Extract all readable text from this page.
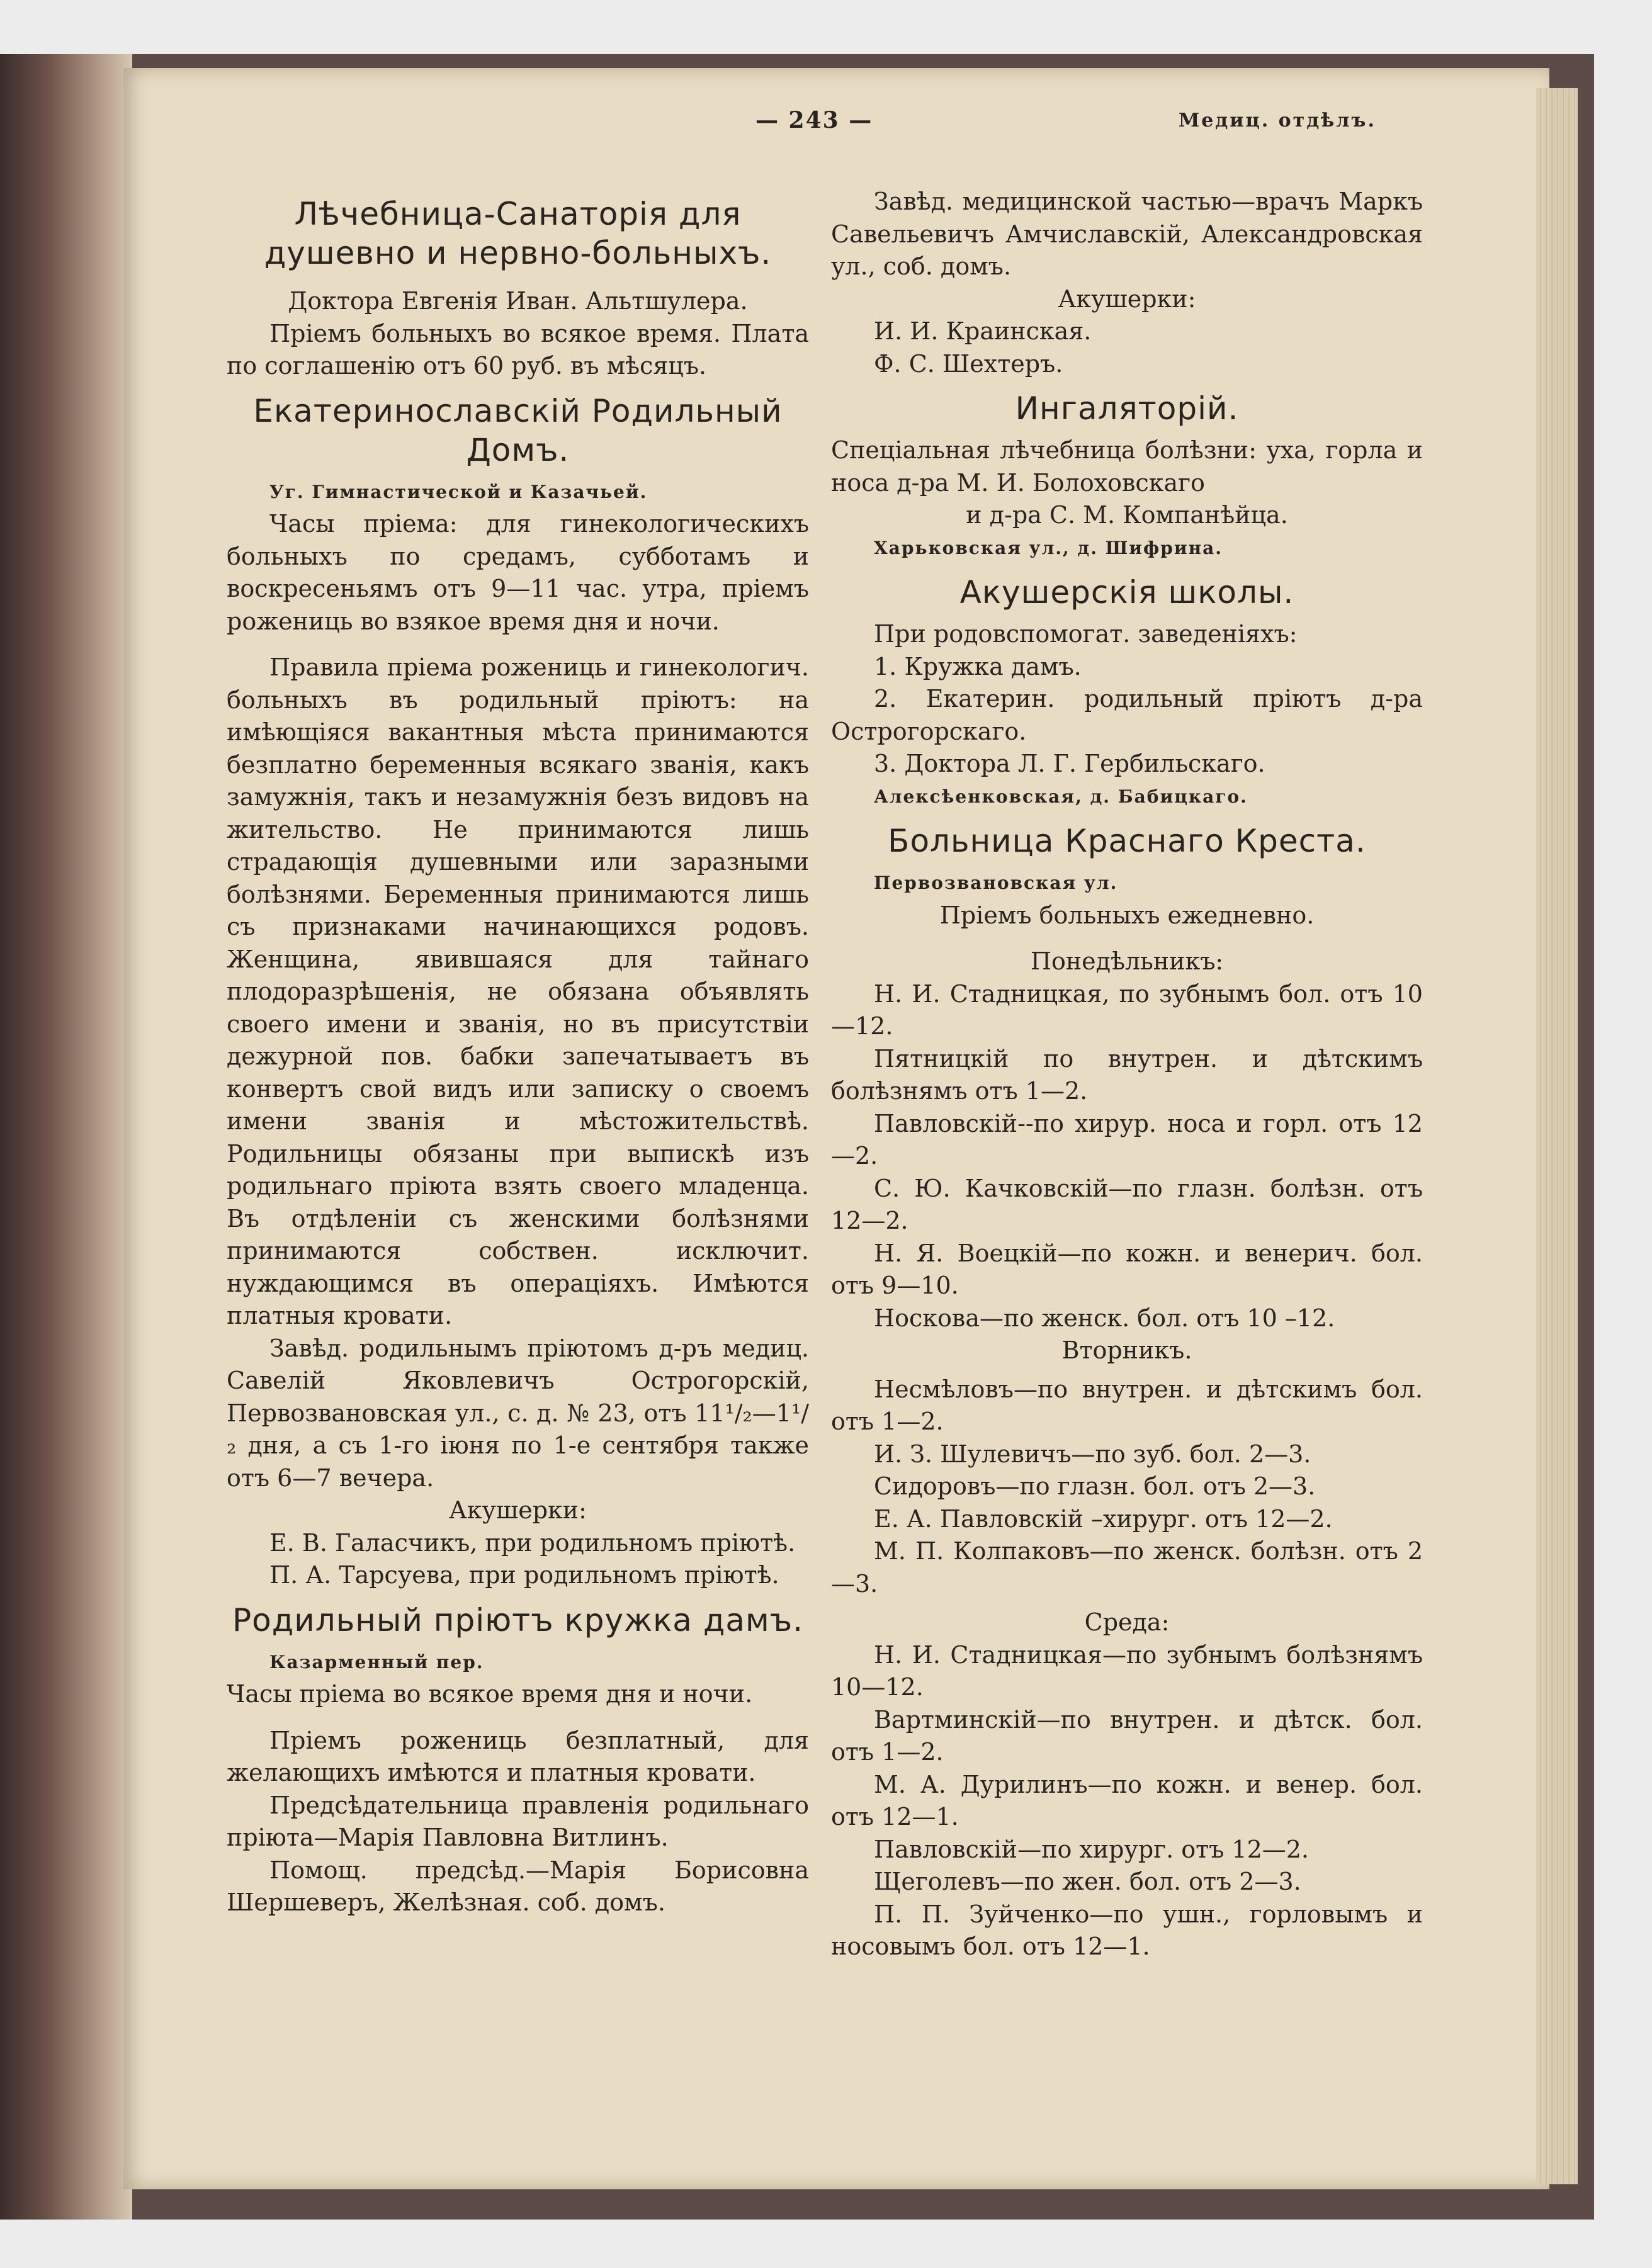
— 243 —	Медиц. отдѣлъ.
Лѣчебница-Санаторія для душевно и нервно-больныхъ.

Доктора Евгенія Иван. Альтшулера.

Пріемъ больныхъ во всякое время. Плата по соглашенію отъ 60 руб. въ мѣсяцъ.

Екатеринославскій Родильный Домъ.

Уг. Гимнастической и Казачьей.

Часы пріема: для гинекологическихъ больныхъ по средамъ, субботамъ и воскресеньямъ отъ 9—11 час. утра, пріемъ рожениць во взякое время дня и ночи.

Правила пріема рожениць и гинекологич. больныхъ въ родильный пріютъ: на имѣющіяся вакантныя мѣста принимаются безплатно беременныя всякаго званія, какъ замужнія, такъ и незамужнія безъ видовъ на жительство. Не принимаются лишь страдающія душевными или заразными болѣзнями. Беременныя принимаются лишь съ признаками начинающихся родовъ. Женщина, явившаяся для тайнаго плодоразрѣшенія, не обязана объявлять своего имени и званія, но въ присутствіи дежурной пов. бабки запечатываетъ въ конвертъ свой видъ или записку о своемъ имени званія и мѣстожительствѣ. Родильницы обязаны при выпискѣ изъ родильнаго пріюта взять своего младенца. Въ отдѣленіи съ женскими болѣзнями принимаются собствен. исключит. нуждающимся въ операціяхъ. Имѣются платныя кровати.

Завѣд. родильнымъ пріютомъ д-ръ медиц. Савелій Яковлевичъ Острогорскій, Первозвановская ул., с. д. № 23, отъ 11¹/₂—1¹/₂ дня, а съ 1-го іюня по 1-е сентября также отъ 6—7 вечера.

Акушерки:

Е. В. Галасчикъ, при родильномъ пріютѣ.

П. А. Тарсуева, при родильномъ пріютѣ.

Родильный пріютъ кружка дамъ.

Казарменный пер.

Часы пріема во всякое время дня и ночи.

Пріемъ рожениць безплатный, для желающихъ имѣются и платныя кровати.

Предсѣдательница правленія родильнаго пріюта—Марія Павловна Витлинъ.

Помощ. предсѣд.—Марія Борисовна Шершеверъ, Желѣзная. соб. домъ.

Завѣд. медицинской частью—врачъ Маркъ Савельевичъ Амчиславскій, Александровская ул., соб. домъ.

Акушерки:

И. И. Краинская.

Ф. С. Шехтеръ.

Ингаляторій.

Спеціальная лѣчебница болѣзни: уха, горла и носа д-ра М. И. Болоховскаго

и д-ра С. М. Компанѣйца.

Харьковская ул., д. Шифрина.

Акушерскія школы.

При родовспомогат. заведеніяхъ:

1. Кружка дамъ.

2. Екатерин. родильный пріютъ д-ра Острогорскаго.

3. Доктора Л. Г. Гербильскаго.

Алексѣенковская, д. Бабицкаго.

Больница Краснаго Креста.

Первозвановская ул.

Пріемъ больныхъ ежедневно.

Понедѣльникъ:

Н. И. Стадницкая, по зубнымъ бол. отъ 10—12.

Пятницкій по внутрен. и дѣтскимъ болѣзнямъ отъ 1—2.

Павловскій--по хирур. носа и горл. отъ 12—2.

С. Ю. Качковскій—по глазн. болѣзн. отъ 12—2.

Н. Я. Воецкій—по кожн. и венерич. бол. отъ 9—10.

Носкова—по женск. бол. отъ 10 –12.

Вторникъ.

Несмѣловъ—по внутрен. и дѣтскимъ бол. отъ 1—2.

И. З. Шулевичъ—по зуб. бол. 2—3.

Сидоровъ—по глазн. бол. отъ 2—3.

Е. А. Павловскій –хирург. отъ 12—2.

М. П. Колпаковъ—по женск. болѣзн. отъ 2—3.

Среда:

Н. И. Стадницкая—по зубнымъ болѣзнямъ 10—12.

Вартминскій—по внутрен. и дѣтск. бол. отъ 1—2.

М. А. Дурилинъ—по кожн. и венер. бол. отъ 12—1.

Павловскій—по хирург. отъ 12—2.

Щеголевъ—по жен. бол. отъ 2—3.

П. П. Зуйченко—по ушн., горловымъ и носовымъ бол. отъ 12—1.
